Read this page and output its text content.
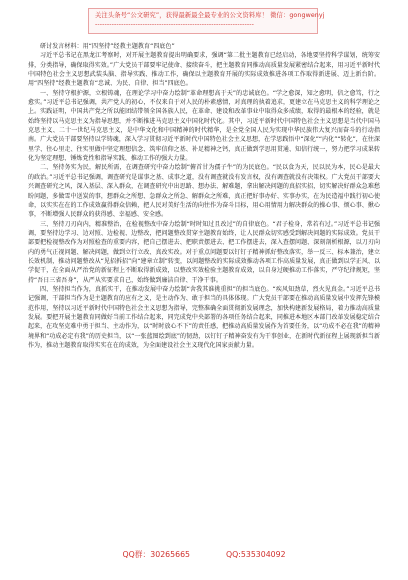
关注头条号“公文研究”，获得最新最全最专业的公文资料库！ 微信：gongwenyj

-------------------------------------------------------------------

研讨发言材料：用“四坚持”经教主题教育“四底色”

习近平总书记在黑龙江考察时，对开展主题教育提出明确要求，强调“第二批主题教育已经启动，各地要坚持科学谋划，统筹安排，分类指导，确保取得实效。”广大党员干部要牢记使命、接续奋斗，把主题教育同推动高质量发展紧密结合起来，用习近平新时代中国特色社会主义思想武装头脑、指导实践、推动工作，确保以主题教育开展的实际成效推进各项工作取得新进展、迈上新台阶。用“四坚持”经教主题教育“忠诚、为民、自律、担当”四底色。

一、坚持守根护源，立根铸魂，在理论学习中奋力绘制“革命理想高于天”的忠诚底色。“学之愈深，知之愈明，信之愈笃，行之愈实。”习近平总书记强调，共产党人的初心，不仅来自于对人民的朴素感情，对真理的执着追求，更建立在马克思主义的科学理论之上。实践证明，中国共产党之所以能团结带领全国各族人民，在革命、建设和改革事业中取得众多成绩，取得的最根本的经验，就是始终坚持以马克思主义为指导思想，并不断推进马克思主义中国化时代化。其中，习近平新时代中国特色社会主义思想是当代中国马克思主义、二十一世纪马克思主义，是中华文化和中国精神的时代精华，是全党全国人民为实现中华民族伟大复兴而奋斗的行动指南。广大党员干部要坚持以学铸魂，深入学习贯彻习近平新时代中国特色社会主义思想，在学思践悟中“深化”“内化”“转化”，在往深里学、往心里走、往实里做中坚定理想信念、筑牢信仰之基、补足精神之钙，真正做到学思用贯通、知信行统一，努力把学习成果转化为坚定理想、锤炼党性和指导实践、推动工作的强大力量。

二、坚持务实为民，解民所需，在调查研究中奋力绘制“俯首甘为孺子牛”的为民底色。“民以食为天，民以民为本，民心是最大的政治。”习近平总书记强调，调查研究是谋事之基、成事之道，没有调查就没有发言权，没有调查就没有决策权。广大党员干部要大兴调查研究之风，深入基层、深入群众，在调查研究中出思路、想办法、解难题，拿出解决问题的真招实招，切实解决好群众急难愁盼问题，多做雪中送炭的事，想群众之所想、急群众之所急、解群众之所难，真正把好事办好、实事办实，在为民造福中践行初心使命，以实实在在的工作成效赢得群众信赖，把人民对美好生活的向往作为奋斗目标，用心用情用力解决群众的操心事、烦心事、揪心事，不断增强人民群众的获得感、幸福感、安全感。

三、坚持刀刃向内，精准整治，在检视整改中奋力绘制“时时知过且改过”的自律底色。“君子检身，常若有过。”习近平总书记强调，要坚持边学习、边对照、边检视、边整改，把问题整改贯穿主题教育始终，让人民群众切实感受到解决问题的实际成效。党员干部要把检视整改作为对照检查的重要内容，把自己摆进去、把职责摆进去、把工作摆进去，深入查摆问题、深刻剖析根源，以刀刃向内的勇气正视问题、解决问题，做到立行立改、真改实改。对于重点问题要以钉钉子精神抓好整改落实，举一反三、标本兼治，建立长效机制，推动问题整改从“见招拆招”向“建章立制”转变，以问题整改的实际成效推动各项工作高质量发展，真正做到以学正风、以学促干，在全面从严治党的新征程上不断取得新成效，以整改实效检验主题教育成效，以自身过硬推动工作落实，严守纪律规矩，坚持“吾日三省吾身”，从严从实要求自己，始终做到廉洁自律、干净干事。

四、坚持担当作为，真抓实干，在推动发展中奋力绘制“舍我其谁挑重担”的担当底色。“疾风知劲草，烈火见真金。”习近平总书记强调，干部担当作为是主题教育的应有之义，是主动作为、敢于担当的具体体现。广大党员干部要在推动高质量发展中发挥先锋模范作用，坚持以习近平新时代中国特色社会主义思想为指导，完整准确全面贯彻新发展理念，加快构建新发展格局，着力推动高质量发展。要把开展主题教育同做好当前工作结合起来，同完成党中央部署的各项任务结合起来，同推进本地区本部门改革发展稳定结合起来，在攻坚克难中勇于担当、主动作为，以“时时放心不下”的责任感，把推动高质量发展作为首要任务，以“功成不必在我”的精神境界和“功成必定有我”的历史担当，以“一张蓝图绘到底”的韧劲，以钉钉子精神奋发有为干事创业，在新时代新征程上展现新担当新作为，推动主题教育取得实实在在的成效，为全面建设社会主义现代化国家贡献力量。

QQ群：30265665	QQ:535304092
